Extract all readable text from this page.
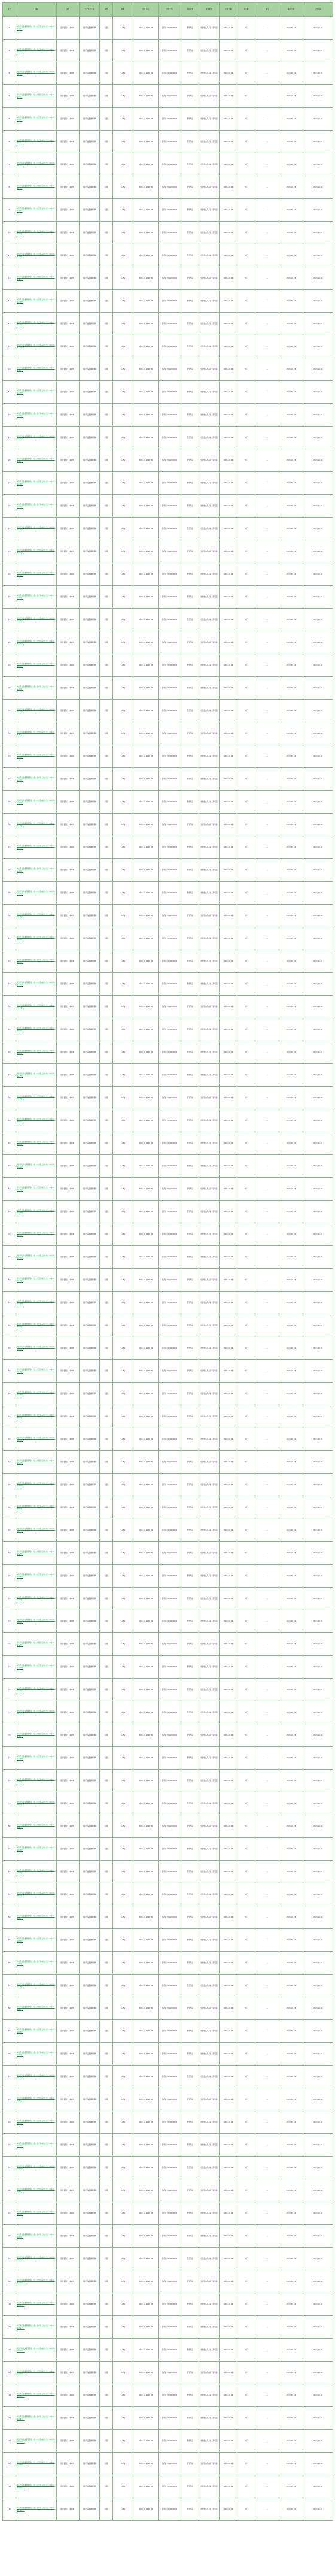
序号	名称	文号	生产单位名称	剂型	规格	批准日期	批准文号	药品分类	检验机构	检验日期	有效期	备注	截止日期	公告时间
1	国家药品监督管理局关于批准注册药品的公告（2023年第1号）	国药监药注〔2023〕	国家药品监督管理局	片剂	0.25g	2023-10-19 00:00	国药准字H20230001	化学药品	中国食品药品检定研究院	2023-10-19	5年	—	2028-10-18	2023-10-20
2	国家药品监督管理局关于批准注册药品的公告（2023年第2号）	国药监药注〔2023〕	国家药品监督管理局	片剂	0.25g	2023-10-19 00:00	国药准字H20230001	化学药品	中国食品药品检定研究院	2023-10-19	5年	—	2028-10-18	2023-10-20
3	国家药品监督管理局关于批准注册药品的公告（2023年第3号）	国药监药注〔2023〕	国家药品监督管理局	片剂	0.25g	2023-10-19 00:00	国药准字H20230001	化学药品	中国食品药品检定研究院	2023-10-19	5年	—	2028-10-18	2023-10-20
4	国家药品监督管理局关于批准注册药品的公告（2023年第4号）	国药监药注〔2023〕	国家药品监督管理局	片剂	0.25g	2023-10-19 00:00	国药准字H20230001	化学药品	中国食品药品检定研究院	2023-10-19	5年	—	2028-10-18	2023-10-20
5	国家药品监督管理局关于批准注册药品的公告（2023年第5号）	国药监药注〔2023〕	国家药品监督管理局	片剂	0.25g	2023-10-19 00:00	国药准字H20230001	化学药品	中国食品药品检定研究院	2023-10-19	5年	—	2028-10-18	2023-10-20
6	国家药品监督管理局关于批准注册药品的公告（2023年第6号）	国药监药注〔2023〕	国家药品监督管理局	片剂	0.25g	2023-10-19 00:00	国药准字H20230001	化学药品	中国食品药品检定研究院	2023-10-19	5年	—	2028-10-18	2023-10-20
7	国家药品监督管理局关于批准注册药品的公告（2023年第7号）	国药监药注〔2023〕	国家药品监督管理局	片剂	0.25g	2023-10-19 00:00	国药准字H20230001	化学药品	中国食品药品检定研究院	2023-10-19	5年	—	2028-10-18	2023-10-20
8	国家药品监督管理局关于批准注册药品的公告（2023年第8号）	国药监药注〔2023〕	国家药品监督管理局	片剂	0.25g	2023-10-19 00:00	国药准字H20230001	化学药品	中国食品药品检定研究院	2023-10-19	5年	—	2028-10-18	2023-10-20
9	国家药品监督管理局关于批准注册药品的公告（2023年第9号）	国药监药注〔2023〕	国家药品监督管理局	片剂	0.25g	2023-10-19 00:00	国药准字H20230001	化学药品	中国食品药品检定研究院	2023-10-19	5年	—	2028-10-18	2023-10-20
10	国家药品监督管理局关于批准注册药品的公告（2023年第10号）	国药监药注〔2023〕	国家药品监督管理局	片剂	0.25g	2023-10-19 00:00	国药准字H20230001	化学药品	中国食品药品检定研究院	2023-10-19	5年	—	2028-10-18	2023-10-20
11	国家药品监督管理局关于批准注册药品的公告（2023年第11号）	国药监药注〔2023〕	国家药品监督管理局	片剂	0.25g	2023-10-19 00:00	国药准字H20230001	化学药品	中国食品药品检定研究院	2023-10-19	5年	—	2028-10-18	2023-10-20
12	国家药品监督管理局关于批准注册药品的公告（2023年第12号）	国药监药注〔2023〕	国家药品监督管理局	片剂	0.25g	2023-10-19 00:00	国药准字H20230001	化学药品	中国食品药品检定研究院	2023-10-19	5年	—	2028-10-18	2023-10-20
13	国家药品监督管理局关于批准注册药品的公告（2023年第13号）	国药监药注〔2023〕	国家药品监督管理局	片剂	0.25g	2023-10-19 00:00	国药准字H20230001	化学药品	中国食品药品检定研究院	2023-10-19	5年	—	2028-10-18	2023-10-20
14	国家药品监督管理局关于批准注册药品的公告（2023年第14号）	国药监药注〔2023〕	国家药品监督管理局	片剂	0.25g	2023-10-19 00:00	国药准字H20230001	化学药品	中国食品药品检定研究院	2023-10-19	5年	—	2028-10-18	2023-10-20
15	国家药品监督管理局关于批准注册药品的公告（2023年第15号）	国药监药注〔2023〕	国家药品监督管理局	片剂	0.25g	2023-10-19 00:00	国药准字H20230001	化学药品	中国食品药品检定研究院	2023-10-19	5年	—	2028-10-18	2023-10-20
16	国家药品监督管理局关于批准注册药品的公告（2023年第16号）	国药监药注〔2023〕	国家药品监督管理局	片剂	0.25g	2023-10-19 00:00	国药准字H20230001	化学药品	中国食品药品检定研究院	2023-10-19	5年	—	2028-10-18	2023-10-20
17	国家药品监督管理局关于批准注册药品的公告（2023年第17号）	国药监药注〔2023〕	国家药品监督管理局	片剂	0.25g	2023-10-19 00:00	国药准字H20230001	化学药品	中国食品药品检定研究院	2023-10-19	5年	—	2028-10-18	2023-10-20
18	国家药品监督管理局关于批准注册药品的公告（2023年第18号）	国药监药注〔2023〕	国家药品监督管理局	片剂	0.25g	2023-10-19 00:00	国药准字H20230001	化学药品	中国食品药品检定研究院	2023-10-19	5年	—	2028-10-18	2023-10-20
19	国家药品监督管理局关于批准注册药品的公告（2023年第19号）	国药监药注〔2023〕	国家药品监督管理局	片剂	0.25g	2023-10-19 00:00	国药准字H20230001	化学药品	中国食品药品检定研究院	2023-10-19	5年	—	2028-10-18	2023-10-20
20	国家药品监督管理局关于批准注册药品的公告（2023年第20号）	国药监药注〔2023〕	国家药品监督管理局	片剂	0.25g	2023-10-19 00:00	国药准字H20230001	化学药品	中国食品药品检定研究院	2023-10-19	5年	—	2028-10-18	2023-10-20
21	国家药品监督管理局关于批准注册药品的公告（2023年第21号）	国药监药注〔2023〕	国家药品监督管理局	片剂	0.25g	2023-10-19 00:00	国药准字H20230001	化学药品	中国食品药品检定研究院	2023-10-19	5年	—	2028-10-18	2023-10-20
22	国家药品监督管理局关于批准注册药品的公告（2023年第22号）	国药监药注〔2023〕	国家药品监督管理局	片剂	0.25g	2023-10-19 00:00	国药准字H20230001	化学药品	中国食品药品检定研究院	2023-10-19	5年	—	2028-10-18	2023-10-20
23	国家药品监督管理局关于批准注册药品的公告（2023年第23号）	国药监药注〔2023〕	国家药品监督管理局	片剂	0.25g	2023-10-19 00:00	国药准字H20230001	化学药品	中国食品药品检定研究院	2023-10-19	5年	—	2028-10-18	2023-10-20
24	国家药品监督管理局关于批准注册药品的公告（2023年第24号）	国药监药注〔2023〕	国家药品监督管理局	片剂	0.25g	2023-10-19 00:00	国药准字H20230001	化学药品	中国食品药品检定研究院	2023-10-19	5年	—	2028-10-18	2023-10-20
25	国家药品监督管理局关于批准注册药品的公告（2023年第25号）	国药监药注〔2023〕	国家药品监督管理局	片剂	0.25g	2023-10-19 00:00	国药准字H20230001	化学药品	中国食品药品检定研究院	2023-10-19	5年	—	2028-10-18	2023-10-20
26	国家药品监督管理局关于批准注册药品的公告（2023年第26号）	国药监药注〔2023〕	国家药品监督管理局	片剂	0.25g	2023-10-19 00:00	国药准字H20230001	化学药品	中国食品药品检定研究院	2023-10-19	5年	—	2028-10-18	2023-10-20
27	国家药品监督管理局关于批准注册药品的公告（2023年第27号）	国药监药注〔2023〕	国家药品监督管理局	片剂	0.25g	2023-10-19 00:00	国药准字H20230001	化学药品	中国食品药品检定研究院	2023-10-19	5年	—	2028-10-18	2023-10-20
28	国家药品监督管理局关于批准注册药品的公告（2023年第28号）	国药监药注〔2023〕	国家药品监督管理局	片剂	0.25g	2023-10-19 00:00	国药准字H20230001	化学药品	中国食品药品检定研究院	2023-10-19	5年	—	2028-10-18	2023-10-20
29	国家药品监督管理局关于批准注册药品的公告（2023年第29号）	国药监药注〔2023〕	国家药品监督管理局	片剂	0.25g	2023-10-19 00:00	国药准字H20230001	化学药品	中国食品药品检定研究院	2023-10-19	5年	—	2028-10-18	2023-10-20
30	国家药品监督管理局关于批准注册药品的公告（2023年第30号）	国药监药注〔2023〕	国家药品监督管理局	片剂	0.25g	2023-10-19 00:00	国药准字H20230001	化学药品	中国食品药品检定研究院	2023-10-19	5年	—	2028-10-18	2023-10-20
31	国家药品监督管理局关于批准注册药品的公告（2023年第31号）	国药监药注〔2023〕	国家药品监督管理局	片剂	0.25g	2023-10-19 00:00	国药准字H20230001	化学药品	中国食品药品检定研究院	2023-10-19	5年	—	2028-10-18	2023-10-20
32	国家药品监督管理局关于批准注册药品的公告（2023年第32号）	国药监药注〔2023〕	国家药品监督管理局	片剂	0.25g	2023-10-19 00:00	国药准字H20230001	化学药品	中国食品药品检定研究院	2023-10-19	5年	—	2028-10-18	2023-10-20
33	国家药品监督管理局关于批准注册药品的公告（2023年第33号）	国药监药注〔2023〕	国家药品监督管理局	片剂	0.25g	2023-10-19 00:00	国药准字H20230001	化学药品	中国食品药品检定研究院	2023-10-19	5年	—	2028-10-18	2023-10-20
34	国家药品监督管理局关于批准注册药品的公告（2023年第34号）	国药监药注〔2023〕	国家药品监督管理局	片剂	0.25g	2023-10-19 00:00	国药准字H20230001	化学药品	中国食品药品检定研究院	2023-10-19	5年	—	2028-10-18	2023-10-20
35	国家药品监督管理局关于批准注册药品的公告（2023年第35号）	国药监药注〔2023〕	国家药品监督管理局	片剂	0.25g	2023-10-19 00:00	国药准字H20230001	化学药品	中国食品药品检定研究院	2023-10-19	5年	—	2028-10-18	2023-10-20
36	国家药品监督管理局关于批准注册药品的公告（2023年第36号）	国药监药注〔2023〕	国家药品监督管理局	片剂	0.25g	2023-10-19 00:00	国药准字H20230001	化学药品	中国食品药品检定研究院	2023-10-19	5年	—	2028-10-18	2023-10-20
37	国家药品监督管理局关于批准注册药品的公告（2023年第37号）	国药监药注〔2023〕	国家药品监督管理局	片剂	0.25g	2023-10-19 00:00	国药准字H20230001	化学药品	中国食品药品检定研究院	2023-10-19	5年	—	2028-10-18	2023-10-20
38	国家药品监督管理局关于批准注册药品的公告（2023年第38号）	国药监药注〔2023〕	国家药品监督管理局	片剂	0.25g	2023-10-19 00:00	国药准字H20230001	化学药品	中国食品药品检定研究院	2023-10-19	5年	—	2028-10-18	2023-10-20
39	国家药品监督管理局关于批准注册药品的公告（2023年第39号）	国药监药注〔2023〕	国家药品监督管理局	片剂	0.25g	2023-10-19 00:00	国药准字H20230001	化学药品	中国食品药品检定研究院	2023-10-19	5年	—	2028-10-18	2023-10-20
40	国家药品监督管理局关于批准注册药品的公告（2023年第40号）	国药监药注〔2023〕	国家药品监督管理局	片剂	0.25g	2023-10-19 00:00	国药准字H20230001	化学药品	中国食品药品检定研究院	2023-10-19	5年	—	2028-10-18	2023-10-20
41	国家药品监督管理局关于批准注册药品的公告（2023年第41号）	国药监药注〔2023〕	国家药品监督管理局	片剂	0.25g	2023-10-19 00:00	国药准字H20230001	化学药品	中国食品药品检定研究院	2023-10-19	5年	—	2028-10-18	2023-10-20
42	国家药品监督管理局关于批准注册药品的公告（2023年第42号）	国药监药注〔2023〕	国家药品监督管理局	片剂	0.25g	2023-10-19 00:00	国药准字H20230001	化学药品	中国食品药品检定研究院	2023-10-19	5年	—	2028-10-18	2023-10-20
43	国家药品监督管理局关于批准注册药品的公告（2023年第43号）	国药监药注〔2023〕	国家药品监督管理局	片剂	0.25g	2023-10-19 00:00	国药准字H20230001	化学药品	中国食品药品检定研究院	2023-10-19	5年	—	2028-10-18	2023-10-20
44	国家药品监督管理局关于批准注册药品的公告（2023年第44号）	国药监药注〔2023〕	国家药品监督管理局	片剂	0.25g	2023-10-19 00:00	国药准字H20230001	化学药品	中国食品药品检定研究院	2023-10-19	5年	—	2028-10-18	2023-10-20
45	国家药品监督管理局关于批准注册药品的公告（2023年第45号）	国药监药注〔2023〕	国家药品监督管理局	片剂	0.25g	2023-10-19 00:00	国药准字H20230001	化学药品	中国食品药品检定研究院	2023-10-19	5年	—	2028-10-18	2023-10-20
46	国家药品监督管理局关于批准注册药品的公告（2023年第46号）	国药监药注〔2023〕	国家药品监督管理局	片剂	0.25g	2023-10-19 00:00	国药准字H20230001	化学药品	中国食品药品检定研究院	2023-10-19	5年	—	2028-10-18	2023-10-20
47	国家药品监督管理局关于批准注册药品的公告（2023年第47号）	国药监药注〔2023〕	国家药品监督管理局	片剂	0.25g	2023-10-19 00:00	国药准字H20230001	化学药品	中国食品药品检定研究院	2023-10-19	5年	—	2028-10-18	2023-10-20
48	国家药品监督管理局关于批准注册药品的公告（2023年第48号）	国药监药注〔2023〕	国家药品监督管理局	片剂	0.25g	2023-10-19 00:00	国药准字H20230001	化学药品	中国食品药品检定研究院	2023-10-19	5年	—	2028-10-18	2023-10-20
49	国家药品监督管理局关于批准注册药品的公告（2023年第49号）	国药监药注〔2023〕	国家药品监督管理局	片剂	0.25g	2023-10-19 00:00	国药准字H20230001	化学药品	中国食品药品检定研究院	2023-10-19	5年	—	2028-10-18	2023-10-20
50	国家药品监督管理局关于批准注册药品的公告（2023年第50号）	国药监药注〔2023〕	国家药品监督管理局	片剂	0.25g	2023-10-19 00:00	国药准字H20230001	化学药品	中国食品药品检定研究院	2023-10-19	5年	—	2028-10-18	2023-10-20
51	国家药品监督管理局关于批准注册药品的公告（2023年第51号）	国药监药注〔2023〕	国家药品监督管理局	片剂	0.25g	2023-10-19 00:00	国药准字H20230001	化学药品	中国食品药品检定研究院	2023-10-19	5年	—	2028-10-18	2023-10-20
52	国家药品监督管理局关于批准注册药品的公告（2023年第52号）	国药监药注〔2023〕	国家药品监督管理局	片剂	0.25g	2023-10-19 00:00	国药准字H20230001	化学药品	中国食品药品检定研究院	2023-10-19	5年	—	2028-10-18	2023-10-20
53	国家药品监督管理局关于批准注册药品的公告（2023年第53号）	国药监药注〔2023〕	国家药品监督管理局	片剂	0.25g	2023-10-19 00:00	国药准字H20230001	化学药品	中国食品药品检定研究院	2023-10-19	5年	—	2028-10-18	2023-10-20
54	国家药品监督管理局关于批准注册药品的公告（2023年第54号）	国药监药注〔2023〕	国家药品监督管理局	片剂	0.25g	2023-10-19 00:00	国药准字H20230001	化学药品	中国食品药品检定研究院	2023-10-19	5年	—	2028-10-18	2023-10-20
55	国家药品监督管理局关于批准注册药品的公告（2023年第55号）	国药监药注〔2023〕	国家药品监督管理局	片剂	0.25g	2023-10-19 00:00	国药准字H20230001	化学药品	中国食品药品检定研究院	2023-10-19	5年	—	2028-10-18	2023-10-20
56	国家药品监督管理局关于批准注册药品的公告（2023年第56号）	国药监药注〔2023〕	国家药品监督管理局	片剂	0.25g	2023-10-19 00:00	国药准字H20230001	化学药品	中国食品药品检定研究院	2023-10-19	5年	—	2028-10-18	2023-10-20
57	国家药品监督管理局关于批准注册药品的公告（2023年第57号）	国药监药注〔2023〕	国家药品监督管理局	片剂	0.25g	2023-10-19 00:00	国药准字H20230001	化学药品	中国食品药品检定研究院	2023-10-19	5年	—	2028-10-18	2023-10-20
58	国家药品监督管理局关于批准注册药品的公告（2023年第58号）	国药监药注〔2023〕	国家药品监督管理局	片剂	0.25g	2023-10-19 00:00	国药准字H20230001	化学药品	中国食品药品检定研究院	2023-10-19	5年	—	2028-10-18	2023-10-20
59	国家药品监督管理局关于批准注册药品的公告（2023年第59号）	国药监药注〔2023〕	国家药品监督管理局	片剂	0.25g	2023-10-19 00:00	国药准字H20230001	化学药品	中国食品药品检定研究院	2023-10-19	5年	—	2028-10-18	2023-10-20
60	国家药品监督管理局关于批准注册药品的公告（2023年第60号）	国药监药注〔2023〕	国家药品监督管理局	片剂	0.25g	2023-10-19 00:00	国药准字H20230001	化学药品	中国食品药品检定研究院	2023-10-19	5年	—	2028-10-18	2023-10-20
61	国家药品监督管理局关于批准注册药品的公告（2023年第61号）	国药监药注〔2023〕	国家药品监督管理局	片剂	0.25g	2023-10-19 00:00	国药准字H20230001	化学药品	中国食品药品检定研究院	2023-10-19	5年	—	2028-10-18	2023-10-20
62	国家药品监督管理局关于批准注册药品的公告（2023年第62号）	国药监药注〔2023〕	国家药品监督管理局	片剂	0.25g	2023-10-19 00:00	国药准字H20230001	化学药品	中国食品药品检定研究院	2023-10-19	5年	—	2028-10-18	2023-10-20
63	国家药品监督管理局关于批准注册药品的公告（2023年第63号）	国药监药注〔2023〕	国家药品监督管理局	片剂	0.25g	2023-10-19 00:00	国药准字H20230001	化学药品	中国食品药品检定研究院	2023-10-19	5年	—	2028-10-18	2023-10-20
64	国家药品监督管理局关于批准注册药品的公告（2023年第64号）	国药监药注〔2023〕	国家药品监督管理局	片剂	0.25g	2023-10-19 00:00	国药准字H20230001	化学药品	中国食品药品检定研究院	2023-10-19	5年	—	2028-10-18	2023-10-20
65	国家药品监督管理局关于批准注册药品的公告（2023年第65号）	国药监药注〔2023〕	国家药品监督管理局	片剂	0.25g	2023-10-19 00:00	国药准字H20230001	化学药品	中国食品药品检定研究院	2023-10-19	5年	—	2028-10-18	2023-10-20
66	国家药品监督管理局关于批准注册药品的公告（2023年第66号）	国药监药注〔2023〕	国家药品监督管理局	片剂	0.25g	2023-10-19 00:00	国药准字H20230001	化学药品	中国食品药品检定研究院	2023-10-19	5年	—	2028-10-18	2023-10-20
67	国家药品监督管理局关于批准注册药品的公告（2023年第67号）	国药监药注〔2023〕	国家药品监督管理局	片剂	0.25g	2023-10-19 00:00	国药准字H20230001	化学药品	中国食品药品检定研究院	2023-10-19	5年	—	2028-10-18	2023-10-20
68	国家药品监督管理局关于批准注册药品的公告（2023年第68号）	国药监药注〔2023〕	国家药品监督管理局	片剂	0.25g	2023-10-19 00:00	国药准字H20230001	化学药品	中国食品药品检定研究院	2023-10-19	5年	—	2028-10-18	2023-10-20
69	国家药品监督管理局关于批准注册药品的公告（2023年第69号）	国药监药注〔2023〕	国家药品监督管理局	片剂	0.25g	2023-10-19 00:00	国药准字H20230001	化学药品	中国食品药品检定研究院	2023-10-19	5年	—	2028-10-18	2023-10-20
70	国家药品监督管理局关于批准注册药品的公告（2023年第70号）	国药监药注〔2023〕	国家药品监督管理局	片剂	0.25g	2023-10-19 00:00	国药准字H20230001	化学药品	中国食品药品检定研究院	2023-10-19	5年	—	2028-10-18	2023-10-20
71	国家药品监督管理局关于批准注册药品的公告（2023年第71号）	国药监药注〔2023〕	国家药品监督管理局	片剂	0.25g	2023-10-19 00:00	国药准字H20230001	化学药品	中国食品药品检定研究院	2023-10-19	5年	—	2028-10-18	2023-10-20
72	国家药品监督管理局关于批准注册药品的公告（2023年第72号）	国药监药注〔2023〕	国家药品监督管理局	片剂	0.25g	2023-10-19 00:00	国药准字H20230001	化学药品	中国食品药品检定研究院	2023-10-19	5年	—	2028-10-18	2023-10-20
73	国家药品监督管理局关于批准注册药品的公告（2023年第73号）	国药监药注〔2023〕	国家药品监督管理局	片剂	0.25g	2023-10-19 00:00	国药准字H20230001	化学药品	中国食品药品检定研究院	2023-10-19	5年	—	2028-10-18	2023-10-20
74	国家药品监督管理局关于批准注册药品的公告（2023年第74号）	国药监药注〔2023〕	国家药品监督管理局	片剂	0.25g	2023-10-19 00:00	国药准字H20230001	化学药品	中国食品药品检定研究院	2023-10-19	5年	—	2028-10-18	2023-10-20
75	国家药品监督管理局关于批准注册药品的公告（2023年第75号）	国药监药注〔2023〕	国家药品监督管理局	片剂	0.25g	2023-10-19 00:00	国药准字H20230001	化学药品	中国食品药品检定研究院	2023-10-19	5年	—	2028-10-18	2023-10-20
76	国家药品监督管理局关于批准注册药品的公告（2023年第76号）	国药监药注〔2023〕	国家药品监督管理局	片剂	0.25g	2023-10-19 00:00	国药准字H20230001	化学药品	中国食品药品检定研究院	2023-10-19	5年	—	2028-10-18	2023-10-20
77	国家药品监督管理局关于批准注册药品的公告（2023年第77号）	国药监药注〔2023〕	国家药品监督管理局	片剂	0.25g	2023-10-19 00:00	国药准字H20230001	化学药品	中国食品药品检定研究院	2023-10-19	5年	—	2028-10-18	2023-10-20
78	国家药品监督管理局关于批准注册药品的公告（2023年第78号）	国药监药注〔2023〕	国家药品监督管理局	片剂	0.25g	2023-10-19 00:00	国药准字H20230001	化学药品	中国食品药品检定研究院	2023-10-19	5年	—	2028-10-18	2023-10-20
79	国家药品监督管理局关于批准注册药品的公告（2023年第79号）	国药监药注〔2023〕	国家药品监督管理局	片剂	0.25g	2023-10-19 00:00	国药准字H20230001	化学药品	中国食品药品检定研究院	2023-10-19	5年	—	2028-10-18	2023-10-20
80	国家药品监督管理局关于批准注册药品的公告（2023年第80号）	国药监药注〔2023〕	国家药品监督管理局	片剂	0.25g	2023-10-19 00:00	国药准字H20230001	化学药品	中国食品药品检定研究院	2023-10-19	5年	—	2028-10-18	2023-10-20
81	国家药品监督管理局关于批准注册药品的公告（2023年第81号）	国药监药注〔2023〕	国家药品监督管理局	片剂	0.25g	2023-10-19 00:00	国药准字H20230001	化学药品	中国食品药品检定研究院	2023-10-19	5年	—	2028-10-18	2023-10-20
82	国家药品监督管理局关于批准注册药品的公告（2023年第82号）	国药监药注〔2023〕	国家药品监督管理局	片剂	0.25g	2023-10-19 00:00	国药准字H20230001	化学药品	中国食品药品检定研究院	2023-10-19	5年	—	2028-10-18	2023-10-20
83	国家药品监督管理局关于批准注册药品的公告（2023年第83号）	国药监药注〔2023〕	国家药品监督管理局	片剂	0.25g	2023-10-19 00:00	国药准字H20230001	化学药品	中国食品药品检定研究院	2023-10-19	5年	—	2028-10-18	2023-10-20
84	国家药品监督管理局关于批准注册药品的公告（2023年第84号）	国药监药注〔2023〕	国家药品监督管理局	片剂	0.25g	2023-10-19 00:00	国药准字H20230001	化学药品	中国食品药品检定研究院	2023-10-19	5年	—	2028-10-18	2023-10-20
85	国家药品监督管理局关于批准注册药品的公告（2023年第85号）	国药监药注〔2023〕	国家药品监督管理局	片剂	0.25g	2023-10-19 00:00	国药准字H20230001	化学药品	中国食品药品检定研究院	2023-10-19	5年	—	2028-10-18	2023-10-20
86	国家药品监督管理局关于批准注册药品的公告（2023年第86号）	国药监药注〔2023〕	国家药品监督管理局	片剂	0.25g	2023-10-19 00:00	国药准字H20230001	化学药品	中国食品药品检定研究院	2023-10-19	5年	—	2028-10-18	2023-10-20
87	国家药品监督管理局关于批准注册药品的公告（2023年第87号）	国药监药注〔2023〕	国家药品监督管理局	片剂	0.25g	2023-10-19 00:00	国药准字H20230001	化学药品	中国食品药品检定研究院	2023-10-19	5年	—	2028-10-18	2023-10-20
88	国家药品监督管理局关于批准注册药品的公告（2023年第88号）	国药监药注〔2023〕	国家药品监督管理局	片剂	0.25g	2023-10-19 00:00	国药准字H20230001	化学药品	中国食品药品检定研究院	2023-10-19	5年	—	2028-10-18	2023-10-20
89	国家药品监督管理局关于批准注册药品的公告（2023年第89号）	国药监药注〔2023〕	国家药品监督管理局	片剂	0.25g	2023-10-19 00:00	国药准字H20230001	化学药品	中国食品药品检定研究院	2023-10-19	5年	—	2028-10-18	2023-10-20
90	国家药品监督管理局关于批准注册药品的公告（2023年第90号）	国药监药注〔2023〕	国家药品监督管理局	片剂	0.25g	2023-10-19 00:00	国药准字H20230001	化学药品	中国食品药品检定研究院	2023-10-19	5年	—	2028-10-18	2023-10-20
91	国家药品监督管理局关于批准注册药品的公告（2023年第91号）	国药监药注〔2023〕	国家药品监督管理局	片剂	0.25g	2023-10-19 00:00	国药准字H20230001	化学药品	中国食品药品检定研究院	2023-10-19	5年	—	2028-10-18	2023-10-20
92	国家药品监督管理局关于批准注册药品的公告（2023年第92号）	国药监药注〔2023〕	国家药品监督管理局	片剂	0.25g	2023-10-19 00:00	国药准字H20230001	化学药品	中国食品药品检定研究院	2023-10-19	5年	—	2028-10-18	2023-10-20
93	国家药品监督管理局关于批准注册药品的公告（2023年第93号）	国药监药注〔2023〕	国家药品监督管理局	片剂	0.25g	2023-10-19 00:00	国药准字H20230001	化学药品	中国食品药品检定研究院	2023-10-19	5年	—	2028-10-18	2023-10-20
94	国家药品监督管理局关于批准注册药品的公告（2023年第94号）	国药监药注〔2023〕	国家药品监督管理局	片剂	0.25g	2023-10-19 00:00	国药准字H20230001	化学药品	中国食品药品检定研究院	2023-10-19	5年	—	2028-10-18	2023-10-20
95	国家药品监督管理局关于批准注册药品的公告（2023年第95号）	国药监药注〔2023〕	国家药品监督管理局	片剂	0.25g	2023-10-19 00:00	国药准字H20230001	化学药品	中国食品药品检定研究院	2023-10-19	5年	—	2028-10-18	2023-10-20
96	国家药品监督管理局关于批准注册药品的公告（2023年第96号）	国药监药注〔2023〕	国家药品监督管理局	片剂	0.25g	2023-10-19 00:00	国药准字H20230001	化学药品	中国食品药品检定研究院	2023-10-19	5年	—	2028-10-18	2023-10-20
97	国家药品监督管理局关于批准注册药品的公告（2023年第97号）	国药监药注〔2023〕	国家药品监督管理局	片剂	0.25g	2023-10-19 00:00	国药准字H20230001	化学药品	中国食品药品检定研究院	2023-10-19	5年	—	2028-10-18	2023-10-20
98	国家药品监督管理局关于批准注册药品的公告（2023年第98号）	国药监药注〔2023〕	国家药品监督管理局	片剂	0.25g	2023-10-19 00:00	国药准字H20230001	化学药品	中国食品药品检定研究院	2023-10-19	5年	—	2028-10-18	2023-10-20
99	国家药品监督管理局关于批准注册药品的公告（2023年第99号）	国药监药注〔2023〕	国家药品监督管理局	片剂	0.25g	2023-10-19 00:00	国药准字H20230001	化学药品	中国食品药品检定研究院	2023-10-19	5年	—	2028-10-18	2023-10-20
100	国家药品监督管理局关于批准注册药品的公告（2023年第100号）	国药监药注〔2023〕	国家药品监督管理局	片剂	0.25g	2023-10-19 00:00	国药准字H20230001	化学药品	中国食品药品检定研究院	2023-10-19	5年	—	2028-10-18	2023-10-20
101	国家药品监督管理局关于批准注册药品的公告（2023年第101号）	国药监药注〔2023〕	国家药品监督管理局	片剂	0.25g	2023-10-19 00:00	国药准字H20230001	化学药品	中国食品药品检定研究院	2023-10-19	5年	—	2028-10-18	2023-10-20
102	国家药品监督管理局关于批准注册药品的公告（2023年第102号）	国药监药注〔2023〕	国家药品监督管理局	片剂	0.25g	2023-10-19 00:00	国药准字H20230001	化学药品	中国食品药品检定研究院	2023-10-19	5年	—	2028-10-18	2023-10-20
103	国家药品监督管理局关于批准注册药品的公告（2023年第103号）	国药监药注〔2023〕	国家药品监督管理局	片剂	0.25g	2023-10-19 00:00	国药准字H20230001	化学药品	中国食品药品检定研究院	2023-10-19	5年	—	2028-10-18	2023-10-20
104	国家药品监督管理局关于批准注册药品的公告（2023年第104号）	国药监药注〔2023〕	国家药品监督管理局	片剂	0.25g	2023-10-19 00:00	国药准字H20230001	化学药品	中国食品药品检定研究院	2023-10-19	5年	—	2028-10-18	2023-10-20
105	国家药品监督管理局关于批准注册药品的公告（2023年第105号）	国药监药注〔2023〕	国家药品监督管理局	片剂	0.25g	2023-10-19 00:00	国药准字H20230001	化学药品	中国食品药品检定研究院	2023-10-19	5年	—	2028-10-18	2023-10-20
106	国家药品监督管理局关于批准注册药品的公告（2023年第106号）	国药监药注〔2023〕	国家药品监督管理局	片剂	0.25g	2023-10-19 00:00	国药准字H20230001	化学药品	中国食品药品检定研究院	2023-10-19	5年	—	2028-10-18	2023-10-20
107	国家药品监督管理局关于批准注册药品的公告（2023年第107号）	国药监药注〔2023〕	国家药品监督管理局	片剂	0.25g	2023-10-19 00:00	国药准字H20230001	化学药品	中国食品药品检定研究院	2023-10-19	5年	—	2028-10-18	2023-10-20
108	国家药品监督管理局关于批准注册药品的公告（2023年第108号）	国药监药注〔2023〕	国家药品监督管理局	片剂	0.25g	2023-10-19 00:00	国药准字H20230001	化学药品	中国食品药品检定研究院	2023-10-19	5年	—	2028-10-18	2023-10-20
109	国家药品监督管理局关于批准注册药品的公告（2023年第109号）	国药监药注〔2023〕	国家药品监督管理局	片剂	0.25g	2023-10-19 00:00	国药准字H20230001	化学药品	中国食品药品检定研究院	2023-10-19	5年	—	2028-10-18	2023-10-20
110	国家药品监督管理局关于批准注册药品的公告（2023年第110号）	国药监药注〔2023〕	国家药品监督管理局	片剂	0.25g	2023-10-19 00:00	国药准字H20230001	化学药品	中国食品药品检定研究院	2023-10-19	5年	—	2028-10-18	2023-10-20
